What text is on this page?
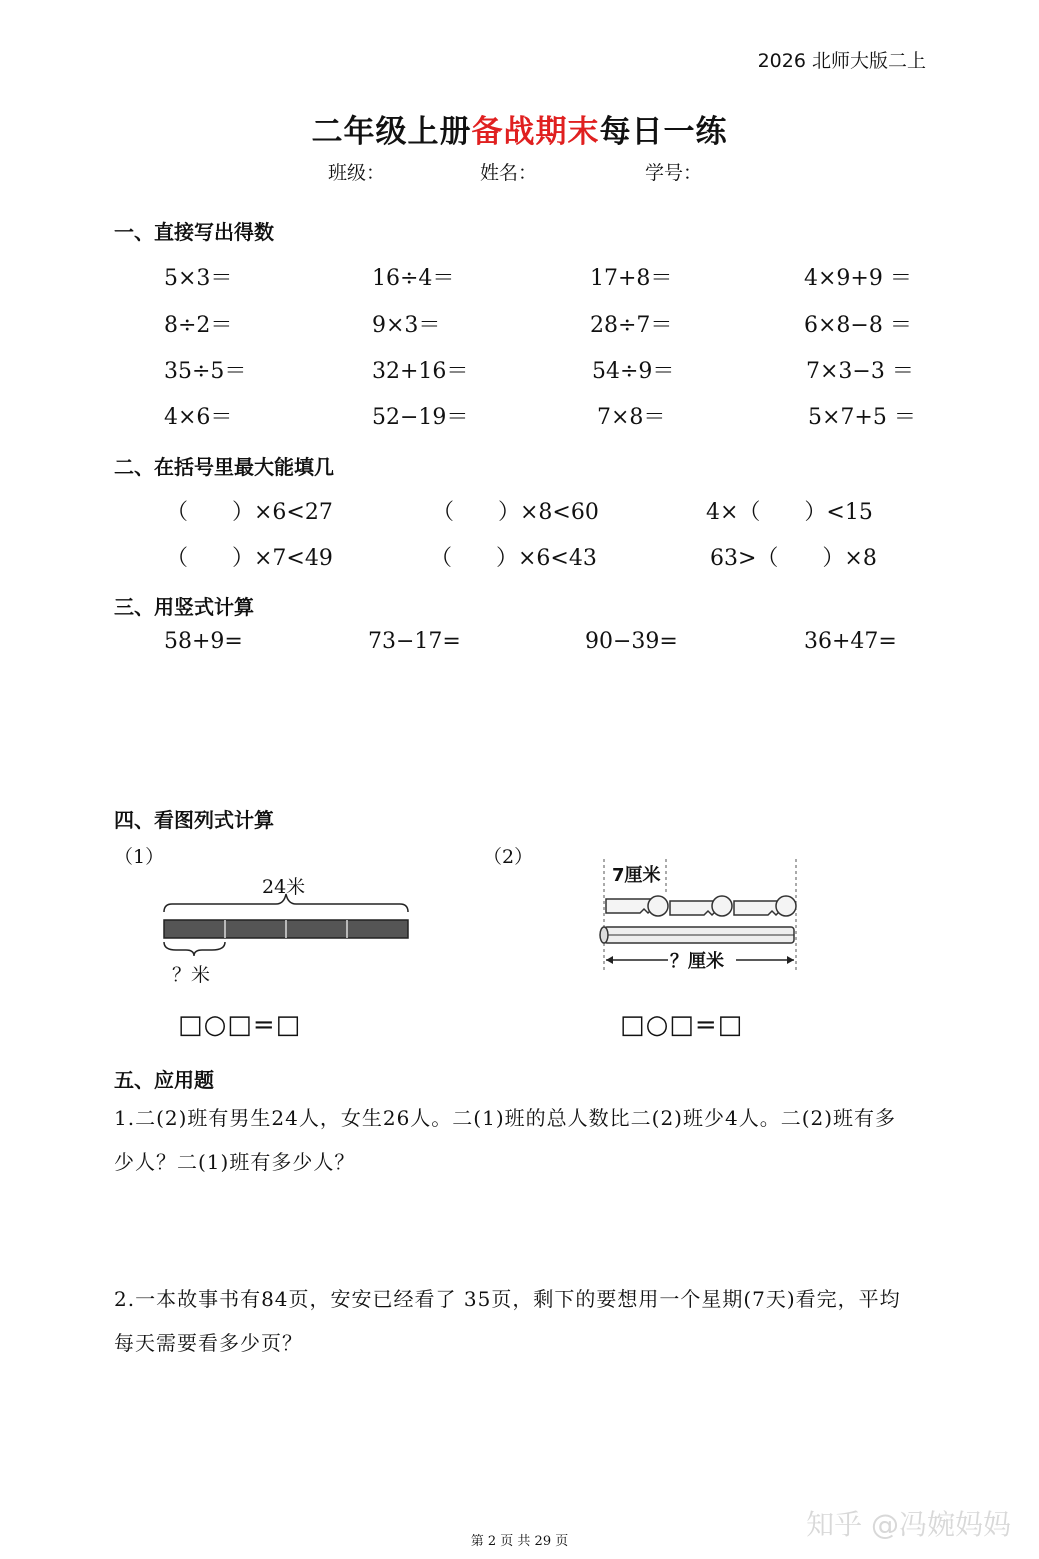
2026 北师大版二上
二年级上册备战期末每日一练
班级：	姓名：	学号：
一、直接写出得数
5×3＝	16÷4＝	17+8＝	4×9+9 ＝
8÷2＝	9×3＝	28÷7＝	6×8−8 ＝
35÷5＝	32+16＝	54÷9＝	7×3−3 ＝
4×6＝	52−19＝	7×8＝	5×7+5 ＝
二、在括号里最大能填几
（　　）×6<27	（　　）×8<60	4×（　　）<15
（　　）×7<49	（　　）×6<43	63>（　　）×8
三、用竖式计算
58+9=	73−17=	90−39=	36+47=
四、看图列式计算
（1）	（2）
24米
？米
7厘米
？厘米
□○□=□	□○□=□
五、应用题
1.二(2)班有男生24人，女生26人。二(1)班的总人数比二(2)班少4人。二(2)班有多少人？二(1)班有多少人？
2.一本故事书有84页，安安已经看了 35页，剩下的要想用一个星期(7天)看完，平均每天需要看多少页？
知乎 @冯婉妈妈
第 2 页 共 29 页
